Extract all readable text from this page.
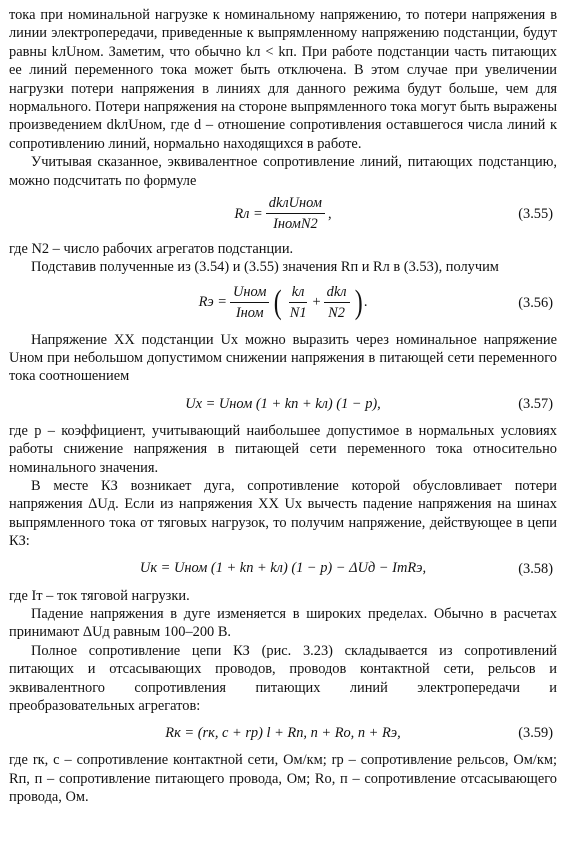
тока при номинальной нагрузке к номинальному напряжению, то потери напряжения в линии электропередачи, приведенные к выпрямленному напряжению подстанции, будут равны kлUном. Заметим, что обычно kл < kп. При работе подстанции часть питающих ее линий переменного тока может быть отключена. В этом случае при увеличении нагрузки потери напряжения в линиях для данного режима будут больше, чем для нормального. Потери напряжения на стороне выпрямленного тока могут быть выражены произведением dkлUном, где d – отношение сопротивления оставшегося числа линий к сопротивлению линий, нормально находящихся в работе.

Учитывая сказанное, эквивалентное сопротивление линий, питающих подстанцию, можно подсчитать по формуле

Rл = $\frac{\text{dkлUном}}{\text{IномN2}}$ ,	(3.55)

где N2 – число рабочих агрегатов подстанции.

Подставив полученные из (3.54) и (3.55) значения Rп и Rл в (3.53), получим

Rэ = $\frac{\text{Uном}}{\text{Iном}}$ ( $\frac{kл}{N1} + \frac{\text{dkл}}{N2}$ ) .	(3.56)

Напряжение ХХ подстанции Uх можно выразить через номинальное напряжение Uном при небольшом допустимом снижении напряжения в питающей сети переменного тока соотношением

Uх = Uном (1 + kп + kл) (1 − p),	(3.57)

где p – коэффициент, учитывающий наибольшее допустимое в нормальных условиях работы снижение напряжения в питающей сети переменного тока относительно номинального значения.

В месте КЗ возникает дуга, сопротивление которой обусловливает потери напряжения ΔUд. Если из напряжения ХХ Uх вычесть падение напряжения на шинах выпрямленного тока от тяговых нагрузок, то получим напряжение, действующее в цепи КЗ:

Uк = Uном (1 + kп + kл) (1 − p) − ΔUд − IтRэ,	(3.58)

где Iт – ток тяговой нагрузки.

Падение напряжения в дуге изменяется в широких пределах. Обычно в расчетах принимают ΔUд равным 100–200 В.

Полное сопротивление цепи КЗ (рис. 3.23) складывается из сопротивлений питающих и отсасывающих проводов, проводов контактной сети, рельсов и эквивалентного сопротивления питающих линий электропередачи и преобразовательных агрегатов:

Rк = (rк, с + rр) l + Rп, п + Rо, п + Rэ,	(3.59)

где rк, с – сопротивление контактной сети, Ом/км; rр – сопротивление рельсов, Ом/км; Rп, п – сопротивление питающего провода, Ом; Rо, п – сопротивление отсасывающего провода, Ом.
